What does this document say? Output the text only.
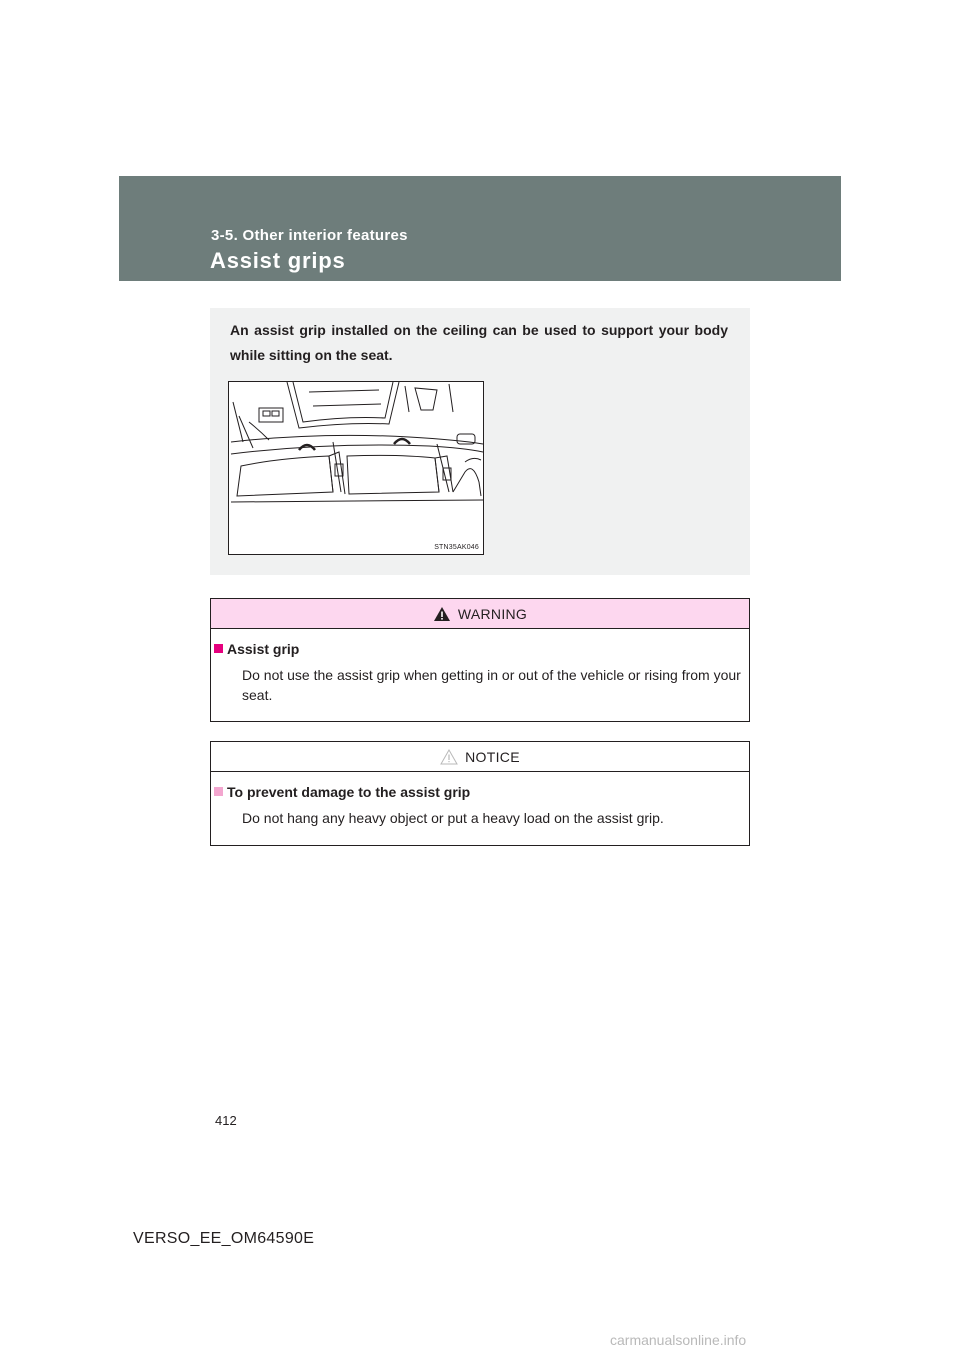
3-5. Other interior features
Assist grips
An assist grip installed on the ceiling can be used to support your body while sitting on the seat.
STN35AK046
WARNING
Assist grip
Do not use the assist grip when getting in or out of the vehicle or rising from your seat.
NOTICE
To prevent damage to the assist grip
Do not hang any heavy object or put a heavy load on the assist grip.
412
VERSO_EE_OM64590E
carmanualsonline.info
